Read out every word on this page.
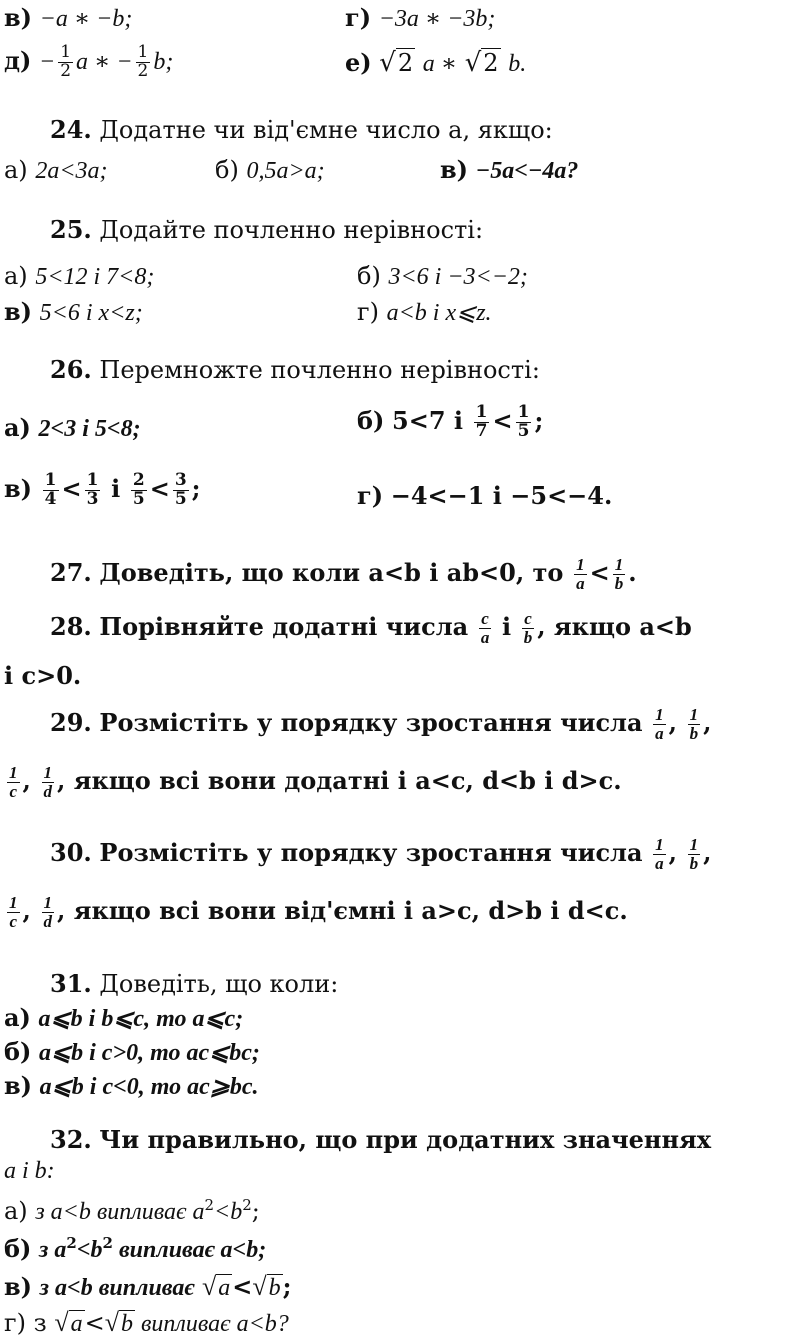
в) −a ∗ −b;	г) −3a ∗ −3b;
$д) - \frac{1}{2}$ a ∗ − $\frac{1}{2} b$;	е) √2 a ∗ √2 b.
24. Додатне чи від'ємне число a, якщо:
а) 2a<3a;	б) 0,5a>a;	в) −5a<−4a?
25. Додайте почленно нерівності:
а) 5<12 і 7<8;	б) 3<6 і −3<−2;
в) 5<6 і x<z;	г) a<b і x⩽z.
26. Перемножте почленно нерівності:
а) 2<3 і 5<8;	б) 5<7 і $\frac{1}{7} < \frac{1}{5}$ ;
$в) \frac{1}{4} < \frac{1}{3}$ і $\frac{2}{5} < \frac{3}{5}$ ;	г) −4<−1 і −5<−4.
27. Доведіть, що коли a<b і ab<0, то $\frac{1}{a} < \frac{1}{b}$ .
28. Порівняйте додатні числа $\frac{c}{a}$ і $\frac{c}{b}$ , якщо a<b
і c>0.
29. Розмістіть у порядку зростання числа $\frac{1}{a}$ , $\frac{1}{b}$ ,
$\frac{1}{c}$ , $\frac{1}{d}$ , якщо всі вони додатні і a<c, d<b і d>c.
30. Розмістіть у порядку зростання числа $\frac{1}{a}$ , $\frac{1}{b}$ ,
$\frac{1}{c}$ , $\frac{1}{d}$ , якщо всі вони від'ємні і a>c, d>b і d<c.
31. Доведіть, що коли:
а) a⩽b і b⩽c, то a⩽c;
б) a⩽b і c>0, то ac⩽bc;
в) a⩽b і c<0, то ac⩾bc.
32. Чи правильно, що при додатних значеннях
a і b:
а) з a<b випливає $a^2<b^2$;
б) з $a^2<b^2$ випливає a<b;
в) з a<b випливає √a<√b;
г) з √a<√b випливає a<b?
